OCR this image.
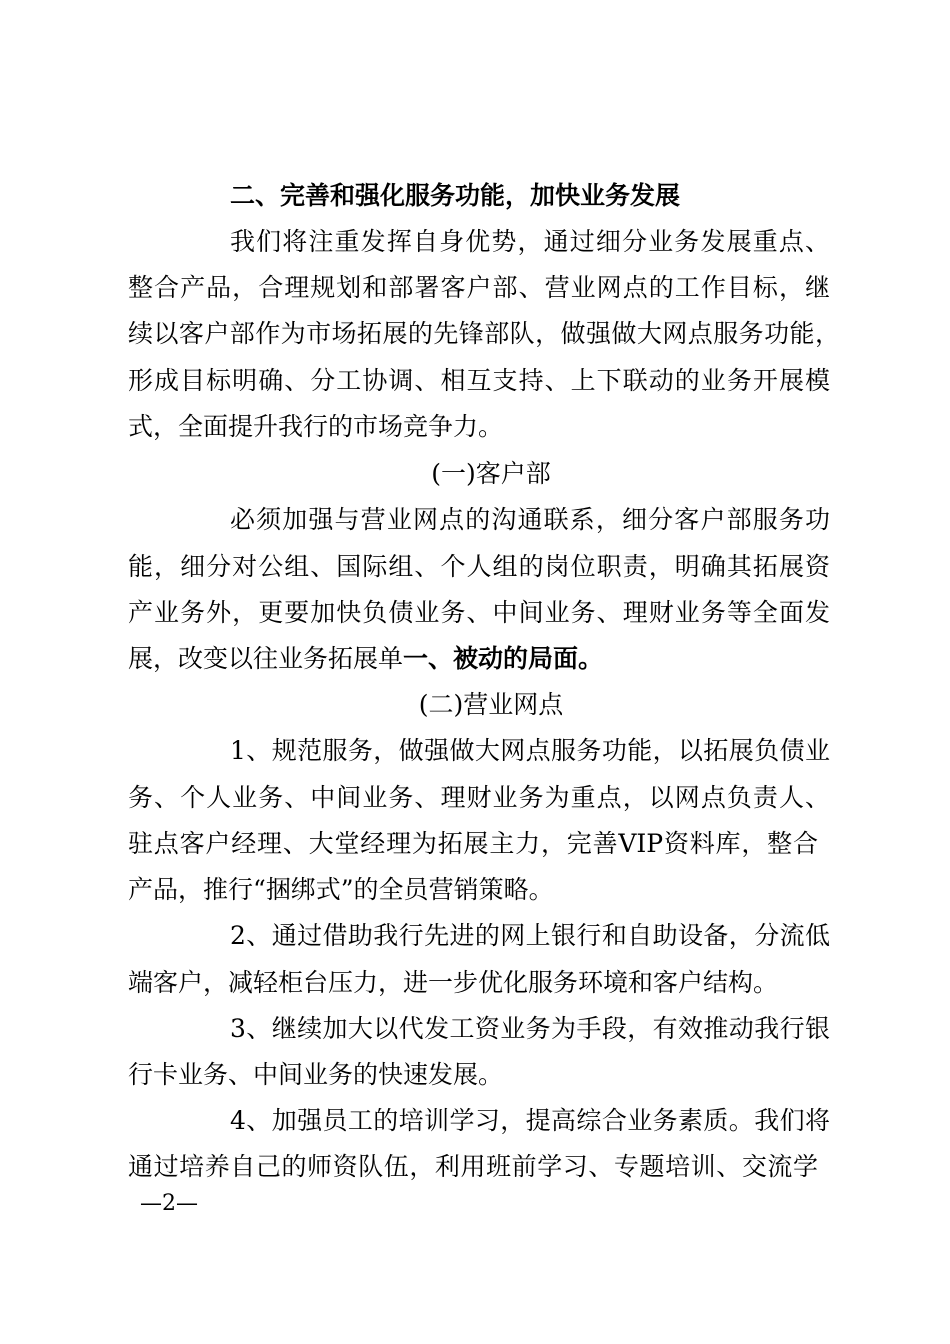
二、完善和强化服务功能，加快业务发展
我们将注重发挥自身优势，通过细分业务发展重点、
整合产品，合理规划和部署客户部、营业网点的工作目标，继
续以客户部作为市场拓展的先锋部队，做强做大网点服务功能，
形成目标明确、分工协调、相互支持、上下联动的业务开展模
式，全面提升我行的市场竞争力。
(一)客户部
必须加强与营业网点的沟通联系，细分客户部服务功
能，细分对公组、国际组、个人组的岗位职责，明确其拓展资
产业务外，更要加快负债业务、中间业务、理财业务等全面发
展，改变以往业务拓展单一、被动的局面。
(二)营业网点
1、规范服务，做强做大网点服务功能，以拓展负债业
务、个人业务、中间业务、理财业务为重点，以网点负责人、
驻点客户经理、大堂经理为拓展主力，完善VIP资料库，整合
产品，推行“捆绑式”的全员营销策略。
2、通过借助我行先进的网上银行和自助设备，分流低
端客户，减轻柜台压力，进一步优化服务环境和客户结构。
3、继续加大以代发工资业务为手段，有效推动我行银
行卡业务、中间业务的快速发展。
4、加强员工的培训学习，提高综合业务素质。我们将
通过培养自己的师资队伍，利用班前学习、专题培训、交流学
—2—
